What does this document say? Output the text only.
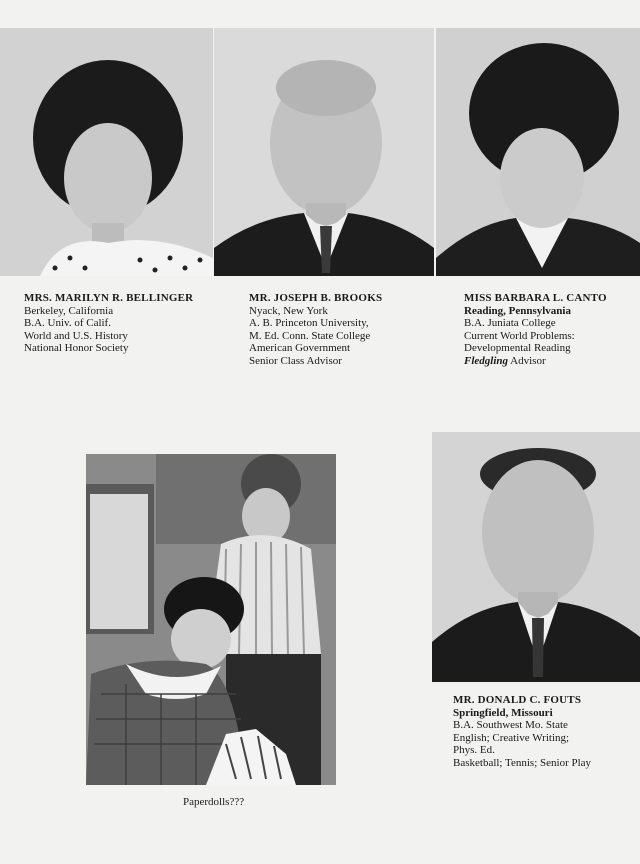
MRS. MARILYN R. BELLINGER
Berkeley, California
B.A. Univ. of Calif.
World and U.S. History
National Honor Society
MR. JOSEPH B. BROOKS
Nyack, New York
A. B. Princeton University,
M. Ed. Conn. State College
American Government
Senior Class Advisor
MISS BARBARA L. CANTO
Reading, Pennsylvania
B.A. Juniata College
Current World Problems:
Developmental Reading
Fledgling Advisor
Paperdolls???
MR. DONALD C. FOUTS
Springfield, Missouri
B.A. Southwest Mo. State
English; Creative Writing;
Phys. Ed.
Basketball; Tennis; Senior Play
